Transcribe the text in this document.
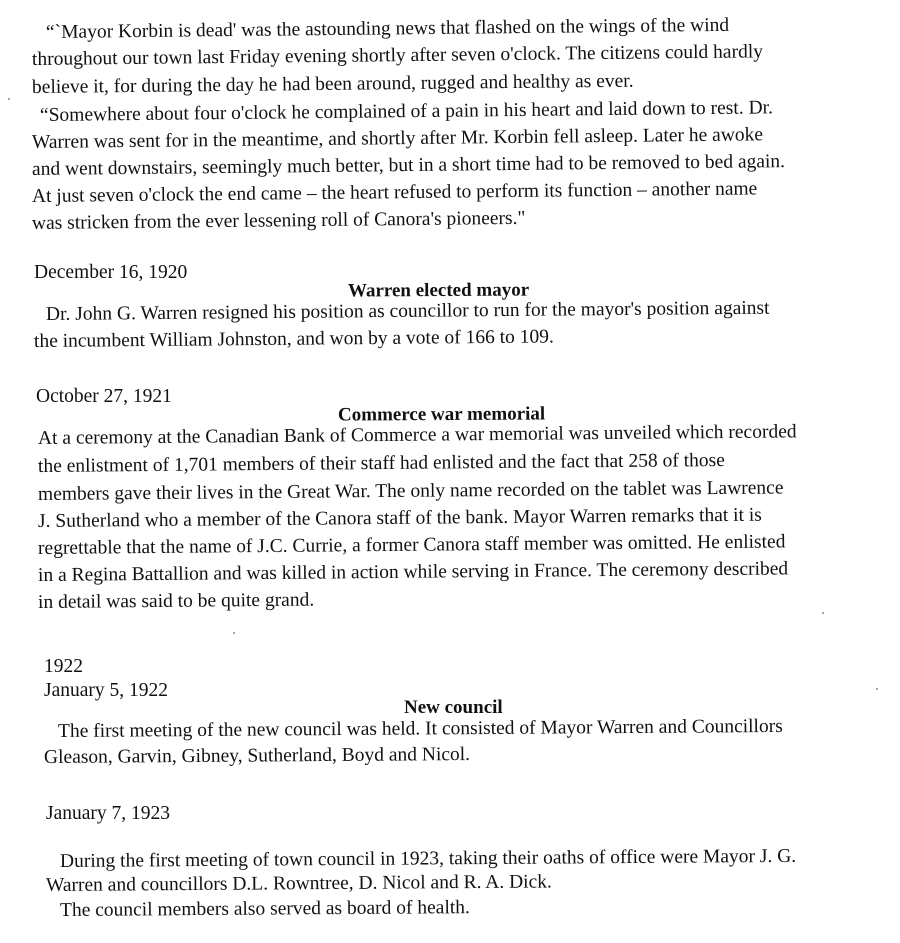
“`Mayor Korbin is dead' was the astounding news that flashed on the wings of the wind
throughout our town last Friday evening shortly after seven o'clock. The citizens could hardly
believe it, for during the day he had been around, rugged and healthy as ever.
“Somewhere about four o'clock he complained of a pain in his heart and laid down to rest. Dr.
Warren was sent for in the meantime, and shortly after Mr. Korbin fell asleep. Later he awoke
and went downstairs, seemingly much better, but in a short time had to be removed to bed again.
At just seven o'clock the end came – the heart refused to perform its function – another name
was stricken from the ever lessening roll of Canora's pioneers."
December 16, 1920
Warren elected mayor
Dr. John G. Warren resigned his position as councillor to run for the mayor's position against
the incumbent William Johnston, and won by a vote of 166 to 109.
October 27, 1921
Commerce war memorial
At a ceremony at the Canadian Bank of Commerce a war memorial was unveiled which recorded
the enlistment of 1,701 members of their staff had enlisted and the fact that 258 of those
members gave their lives in the Great War. The only name recorded on the tablet was Lawrence
J. Sutherland who a member of the Canora staff of the bank. Mayor Warren remarks that it is
regrettable that the name of J.C. Currie, a former Canora staff member was omitted. He enlisted
in a Regina Battallion and was killed in action while serving in France. The ceremony described
in detail was said to be quite grand.
1922
January 5, 1922
New council
The first meeting of the new council was held. It consisted of Mayor Warren and Councillors
Gleason, Garvin, Gibney, Sutherland, Boyd and Nicol.
January 7, 1923
During the first meeting of town council in 1923, taking their oaths of office were Mayor J. G.
Warren and councillors D.L. Rowntree, D. Nicol and R. A. Dick.
The council members also served as board of health.
